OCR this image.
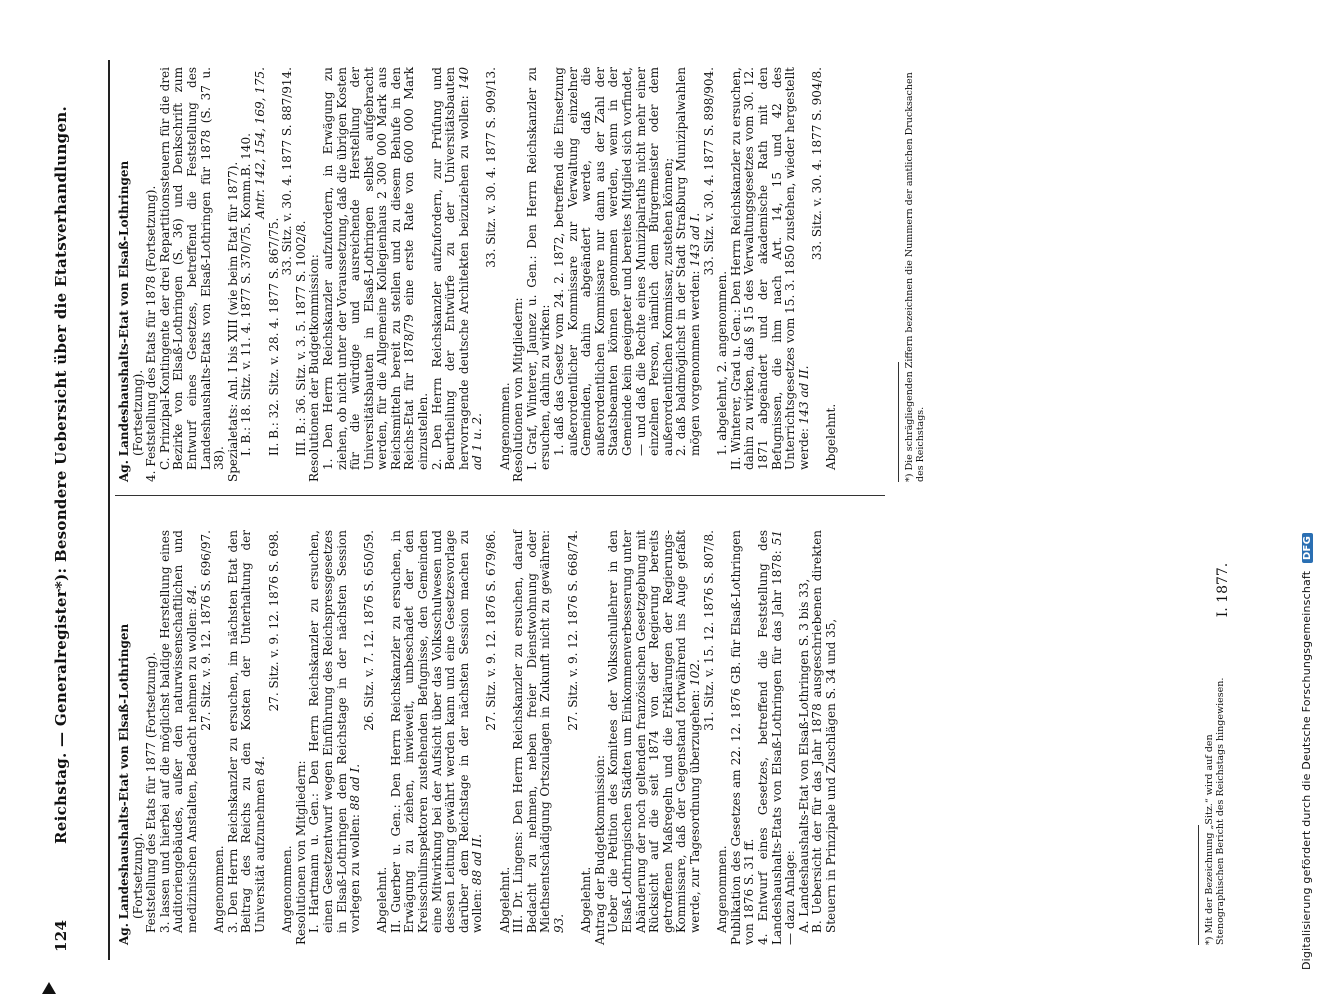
124
Reichstag. — Generalregister*): Besondere Uebersicht über die Etatsverhandlungen.

Ag. Landeshaushalts-Etat von Elsaß-Lothringen (Fortsetzung). Feststellung des Etats für 1877 (Fortsetzung). 3. lassen und hierbei auf die möglichst baldige Herstellung eines Auditoriengebäudes, außer den naturwissenschaftlichen und medizinischen Anstalten, Bedacht nehmen zu wollen: 84. 27. Sitz. v. 9. 12. 1876 S. 696/97.

Angenommen. 3. Den Herrn Reichskanzler zu ersuchen, im nächsten Etat den Beitrag des Reichs zu den Kosten der Unterhaltung der Universität aufzunehmen 84.

27. Sitz. v. 9. 12. 1876 S. 698.

Angenommen. Resolutionen von Mitgliedern: I. Hartmann u. Gen.: Den Herrn Reichskanzler zu ersuchen, einen Gesetzentwurf wegen Einführung des Reichspressgesetzes in Elsaß-Lothringen dem Reichstage in der nächsten Session vorlegen zu wollen: 88 ad I.

26. Sitz. v. 7. 12. 1876 S. 650/59.

Abgelehnt. II. Guerber u. Gen.: Den Herrn Reichskanzler zu ersuchen, in Erwägung zu ziehen, inwieweit, unbeschadet der den Kreisschulinspektoren zustehenden Befugnisse, den Gemeinden eine Mitwirkung bei der Aufsicht über das Volksschulwesen und dessen Leitung gewährt werden kann und eine Gesetzesvorlage darüber dem Reichstage in der nächsten Session machen zu wollen: 88 ad II.

27. Sitz. v. 9. 12. 1876 S. 679/86.

Abgelehnt. III. Dr. Lingens: Den Herrn Reichskanzler zu ersuchen, darauf Bedacht zu nehmen, neben freier Dienstwohnung oder Miethsentschädigung Ortszulagen in Zukunft nicht zu gewähren: 93.

27. Sitz. v. 9. 12. 1876 S. 668/74.

Abgelehnt. Antrag der Budgetkommission: Ueber die Petition des Komitees der Volksschullehrer in den Elsaß-Lothringischen Städten um Einkommenverbesserung unter Abänderung der noch geltenden französischen Gesetzgebung mit Rücksicht auf die seit 1874 von der Regierung bereits getroffenen Maßregeln und die Erklärungen der Regierungs-Kommissare, daß der Gegenstand fortwährend ins Auge gefaßt werde, zur Tagesordnung überzugehen: 102. 31. Sitz. v. 15. 12. 1876 S. 807/8.

Angenommen. Publikation des Gesetzes am 22. 12. 1876 GB. für Elsaß-Lothringen von 1876 S. 31 ff. 4. Entwurf eines Gesetzes, betreffend die Feststellung des Landeshaushalts-Etats von Elsaß-Lothringen für das Jahr 1878: 51 — dazu Anlage: A. Landeshaushalts-Etat von Elsaß-Lothringen S. 3 bis 33, B. Uebersicht der für das Jahr 1878 ausgeschriebenen direkten Steuern in Prinzipale und Zuschlägen S. 34 und 35,

Ag. Landeshaushalts-Etat von Elsaß-Lothringen (Fortsetzung).

4. Feststellung des Etats für 1878 (Fortsetzung). C. Prinzipal-Kontingente der drei Repartitionssteuern für die drei Bezirke von Elsaß-Lothringen (S. 36) und Denkschrift zum Entwurf eines Gesetzes, betreffend die Feststellung des Landeshaushalts-Etats von Elsaß-Lothringen für 1878 (S. 37 u. 38). Spezialetats: Anl. I bis XIII (wie beim Etat für 1877). I. B.: 18. Sitz. v. 11. 4. 1877 S. 370/75. Komm.B. 140. Antr. 142, 154, 169, 175.

II. B.: 32. Sitz. v. 28. 4. 1877 S. 867/75.

33. Sitz. v. 30. 4. 1877 S. 887/914.

III. B.: 36. Sitz. v. 3. 5. 1877 S. 1002/8. Resolutionen der Budgetkommission: 1. Den Herrn Reichskanzler aufzufordern, in Erwägung zu ziehen, ob nicht unter der Voraussetzung, daß die übrigen Kosten für die würdige und ausreichende Herstellung der Universitätsbauten in Elsaß-Lothringen selbst aufgebracht werden, für die Allgemeine Kollegienhaus 2 300 000 Mark aus Reichsmitteln bereit zu stellen und zu diesem Behufe in den Reichs-Etat für 1878/79 eine erste Rate von 600 000 Mark einzustellen. 2. Den Herrn Reichskanzler aufzufordern, zur Prüfung und Beurtheilung der Entwürfe zu der Universitätsbauten hervorragende deutsche Architekten beizuziehen zu wollen: 140 ad 1 u. 2.

33. Sitz. v. 30. 4. 1877 S. 909/13.

Angenommen. Resolutionen von Mitgliedern: I. Graf, Winterer, Jaunez u. Gen.: Den Herrn Reichskanzler zu ersuchen, dahin zu wirken: 1. daß das Gesetz vom 24. 2. 1872, betreffend die Einsetzung außerordentlicher Kommissare zur Verwaltung einzelner Gemeinden, dahin abgeändert werde, daß die außerordentlichen Kommissare nur dann aus der Zahl der Staatsbeamten können genommen werden, wenn in der Gemeinde kein geeigneter und bereites Mitglied sich vorfindet, — und daß die Rechte eines Munizipalraths nicht mehr einer einzelnen Person, nämlich dem Bürgermeister oder dem außerordentlichen Kommissar, zustehen können; 2. daß baldmöglichst in der Stadt Straßburg Munizipalwahlen mögen vorgenommen werden: 143 ad I. 33. Sitz. v. 30. 4. 1877 S. 898/904.

1. abgelehnt, 2. angenommen. II. Winterer, Grad u. Gen.: Den Herrn Reichskanzler zu ersuchen, dahin zu wirken, daß § 15 des Verwaltungsgesetzes vom 30. 12. 1871 abgeändert und der akademische Rath mit den Befugnissen, die ihm nach Art. 14, 15 und 42 des Unterrichtsgesetzes vom 15. 3. 1850 zustehen, wieder hergestellt werde: 143 ad II.

33. Sitz. v. 30. 4. 1877 S. 904/8.

Abgelehnt.

*) Mit der Bezeichnung „Sitz.“ wird auf den Stenographischen Bericht des Reichstags hingewiesen.
*) Die schrägliegenden Ziffern bezeichnen die Nummern der amtlichen Drucksachen des Reichstags.
I. 1877.	Digitalisierung gefördert durch die Deutsche Forschungsgemeinschaft DFG
